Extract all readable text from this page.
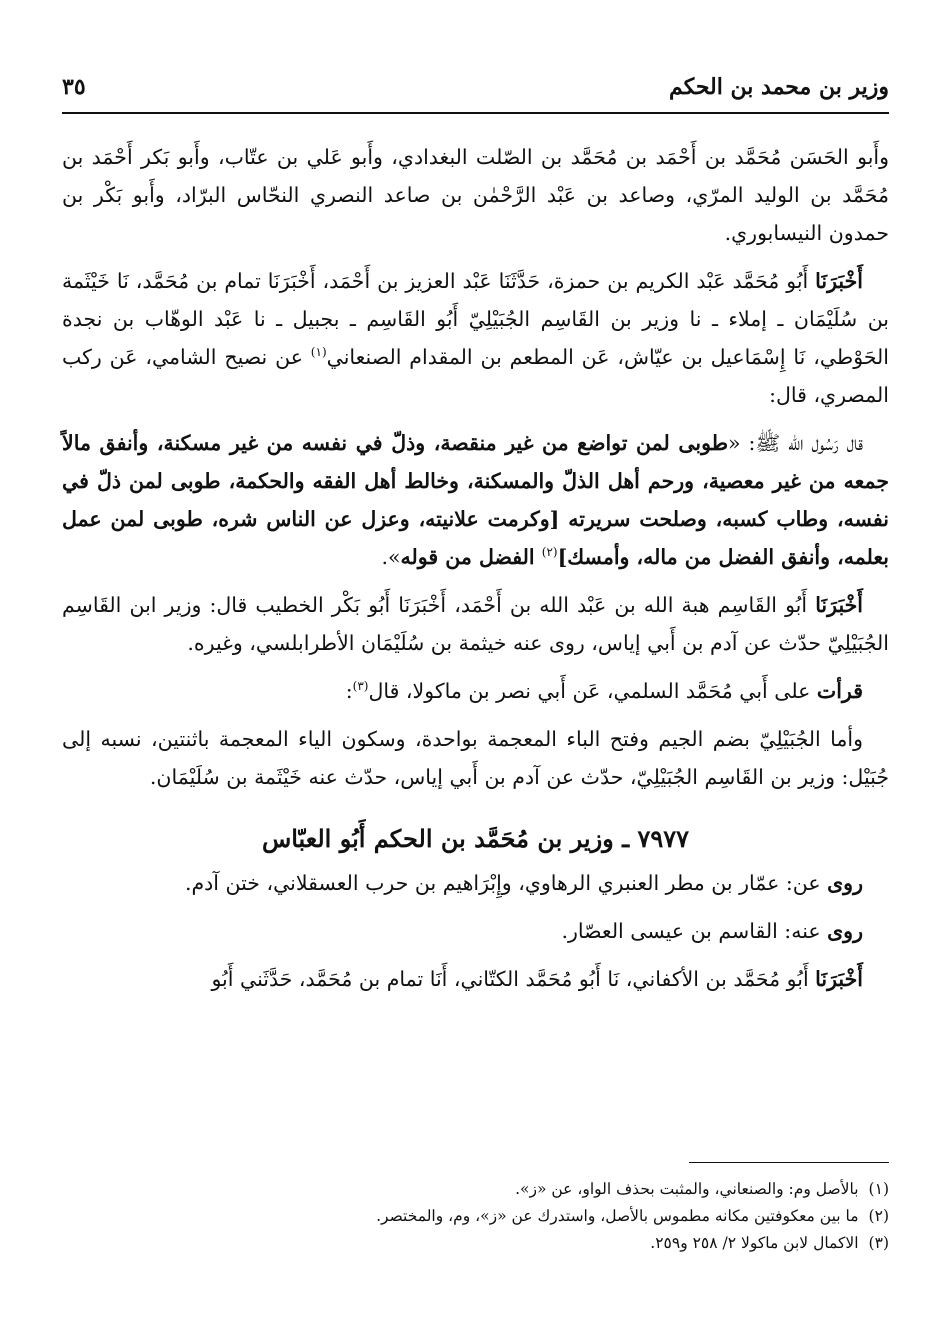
وزير بن محمد بن الحكم
٣٥

وأَبو الحَسَن مُحَمَّد بن أَحْمَد بن مُحَمَّد بن الصّلت البغدادي، وأَبو عَلي بن عتّاب، وأَبو بَكر أَحْمَد بن مُحَمَّد بن الوليد المرّي، وصاعد بن عَبْد الرَّحْمٰن بن صاعد النصري النحّاس البرّاد، وأَبو بَكْر بن حمدون النيسابوري.

أَخْبَرَنَا أَبُو مُحَمَّد عَبْد الكريم بن حمزة، حَدَّثَنَا عَبْد العزيز بن أَحْمَد، أَخْبَرَنَا تمام بن مُحَمَّد، نَا خَيْثَمة بن سُلَيْمَان ـ إملاء ـ نا وزير بن القَاسِم الجُبَيْلِيّ أَبُو القَاسِم ـ بجبيل ـ نا عَبْد الوهّاب بن نجدة الحَوْطي، نَا إِسْمَاعيل بن عيّاش، عَن المطعم بن المقدام الصنعاني$^{(١)}$ عن نصيح الشامي، عَن ركب المصري، قال:

قال رَسُول الله ﷺ: «طوبى لمن تواضع من غير منقصة، وذلّ في نفسه من غير مسكنة، وأنفق مالاً جمعه من غير معصية، ورحم أهل الذلّ والمسكنة، وخالط أهل الفقه والحكمة، طوبى لمن ذلّ في نفسه، وطاب كسبه، وصلحت سريرته [وكرمت علانيته، وعزل عن الناس شره، طوبى لمن عمل بعلمه، وأنفق الفضل من ماله، وأمسك]$^{(٢)}$ الفضل من قوله».

أَخْبَرَنَا أَبُو القَاسِم هبة الله بن عَبْد الله بن أَحْمَد، أَخْبَرَنَا أَبُو بَكْر الخطيب قال: وزير ابن القَاسِم الجُبَيْلِيّ حدّث عن آدم بن أَبي إياس، روى عنه خيثمة بن سُلَيْمَان الأطرابلسي، وغيره.

قرأت على أَبي مُحَمَّد السلمي، عَن أَبي نصر بن ماكولا، قال$^{(٣)}$:

وأما الجُبَيْلِيّ بضم الجيم وفتح الباء المعجمة بواحدة، وسكون الياء المعجمة باثنتين، نسبه إلى جُبَيْل: وزير بن القَاسِم الجُبَيْلِيّ، حدّث عن آدم بن أَبي إياس، حدّث عنه خَيْثَمة بن سُلَيْمَان.

٧٩٧٧ ـ وزير بن مُحَمَّد بن الحكم أَبُو العبّاس

روى عن: عمّار بن مطر العنبري الرهاوي، وإِبْرَاهيم بن حرب العسقلاني، ختن آدم.

روى عنه: القاسم بن عيسى العصّار.

أَخْبَرَنَا أَبُو مُحَمَّد بن الأكفاني، نَا أَبُو مُحَمَّد الكتّاني، أَنَا تمام بن مُحَمَّد، حَدَّثَني أَبُو

(١)
بالأصل وم: والصنعاني، والمثبت بحذف الواو، عن «ز».
(٢)
ما بين معكوفتين مكانه مطموس بالأصل، واستدرك عن «ز»، وم، والمختصر.
(٣)
الاكمال لابن ماكولا ٢/ ٢٥٨ و٢٥٩.
